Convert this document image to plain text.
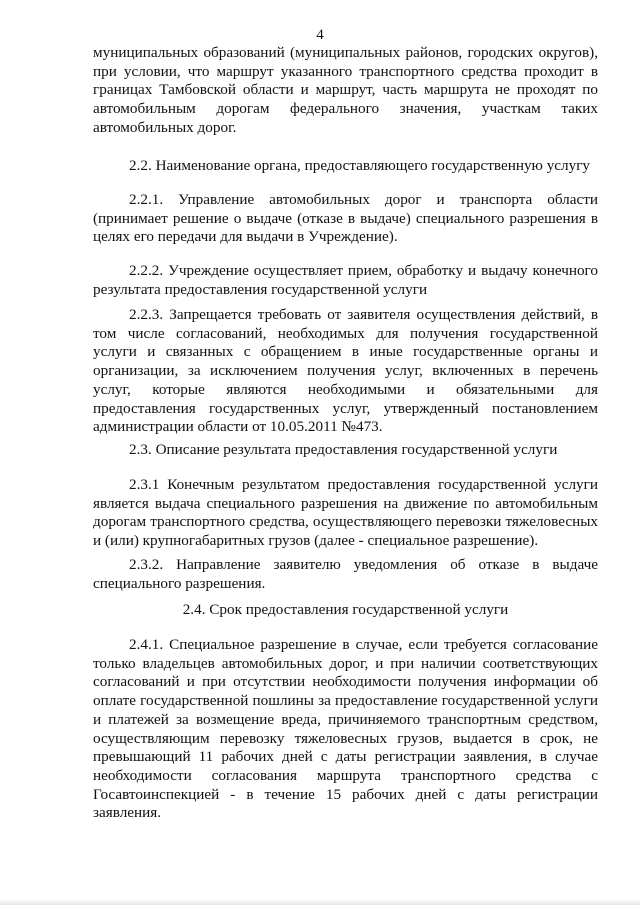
4
муниципальных образований (муниципальных районов, городских округов), при условии, что маршрут указанного транспортного средства проходит в границах Тамбовской области и маршрут, часть маршрута не проходят по автомобильным дорогам федерального значения, участкам таких автомобильных дорог.
2.2. Наименование органа, предоставляющего государственную услугу
2.2.1. Управление автомобильных дорог и транспорта области (принимает решение о выдаче (отказе в выдаче) специального разрешения в целях его передачи для выдачи в Учреждение).
2.2.2. Учреждение осуществляет прием, обработку и выдачу конечного результата предоставления государственной услуги
2.2.3. Запрещается требовать от заявителя осуществления действий, в том числе согласований, необходимых для получения государственной услуги и связанных с обращением в иные государственные органы и организации, за исключением получения услуг, включенных в перечень услуг, которые являются необходимыми и обязательными для предоставления государственных услуг, утвержденный постановлением администрации области от 10.05.2011 №473.
2.3. Описание результата предоставления государственной услуги
2.3.1 Конечным результатом предоставления государственной услуги является выдача специального разрешения на движение по автомобильным дорогам транспортного средства, осуществляющего перевозки тяжеловесных и (или) крупногабаритных грузов (далее - специальное разрешение).
2.3.2. Направление заявителю уведомления об отказе в выдаче специального разрешения.
2.4. Срок предоставления государственной услуги
2.4.1. Специальное разрешение в случае, если требуется согласование только владельцев автомобильных дорог, и при наличии соответствующих согласований и при отсутствии необходимости получения информации об оплате государственной пошлины за предоставление государственной услуги и платежей за возмещение вреда, причиняемого транспортным средством, осуществляющим перевозку тяжеловесных грузов, выдается в срок, не превышающий 11 рабочих дней с даты регистрации заявления, в случае необходимости согласования маршрута транспортного средства с Госавтоинспекцией - в течение 15 рабочих дней с даты регистрации заявления.
